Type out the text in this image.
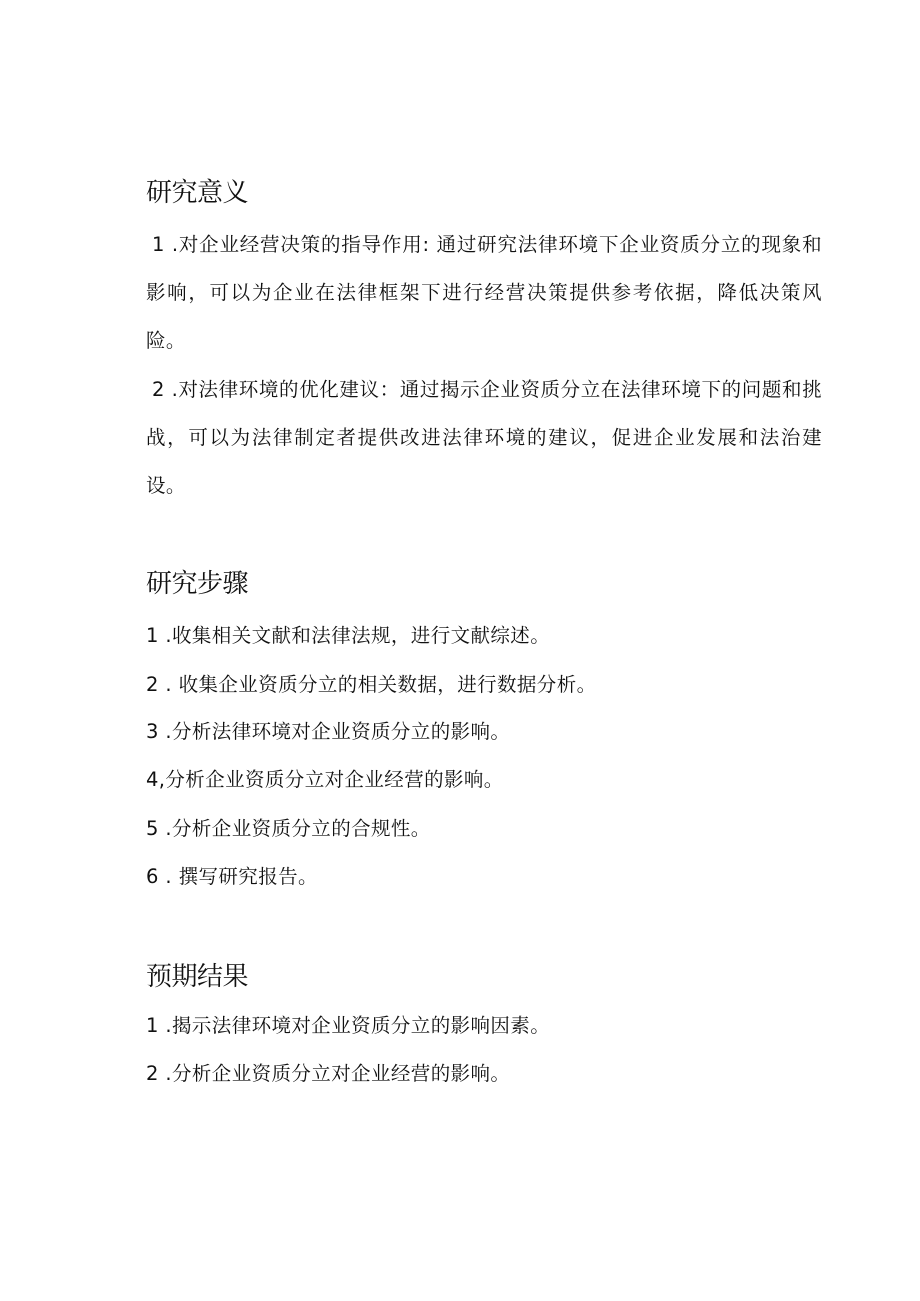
研究意义

1 .对企业经营决策的指导作用: 通过研究法律环境下企业资质分立的现象和影响，可以为企业在法律框架下进行经营决策提供参考依据，降低决策风险。

2 .对法律环境的优化建议：通过揭示企业资质分立在法律环境下的问题和挑战，可以为法律制定者提供改进法律环境的建议，促进企业发展和法治建设。

研究步骤

1 .收集相关文献和法律法规，进行文献综述。

2 . 收集企业资质分立的相关数据，进行数据分析。

3 .分析法律环境对企业资质分立的影响。

4,分析企业资质分立对企业经营的影响。

5 .分析企业资质分立的合规性。

6 . 撰写研究报告。

预期结果

1 .揭示法律环境对企业资质分立的影响因素。

2 .分析企业资质分立对企业经营的影响。
